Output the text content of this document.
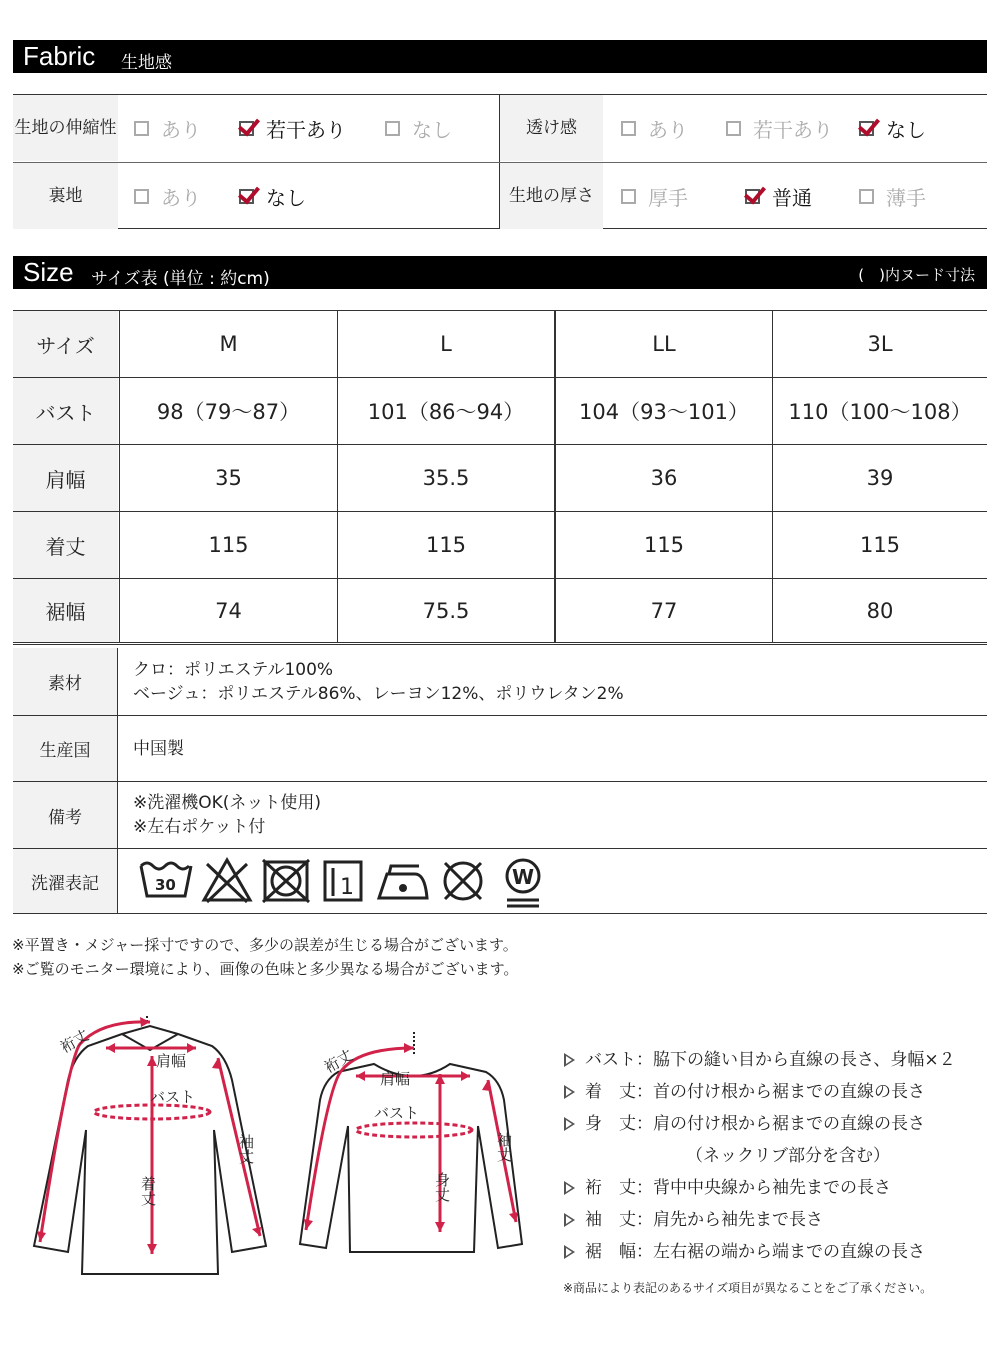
Fabric 生地感
生地の 伸縮性 あり	若干あり	なし	透け感	あり	若干あり	なし
裏地	あり	なし	生地の厚さ	厚手	普通	薄手
Size サイズ表 (単位 : 約cm)	(　)内ヌード寸法
サイズ	M	L	LL	3L
バスト	98（79～87）	101（86～94）	104（93～101）	110（100～108）
肩幅	35	35.5	36	39
着丈	115	115	115	115
裾幅	74	75.5	77	80
素材
クロ：ポリエステル100%
ベージュ：ポリエステル86%、レーヨン12%、ポリウレタン2%
生産国	中国製
備考
※洗濯機OK(ネット使用)
※左右ポケット付
洗濯表記	30	1	W
※平置き・メジャー採寸ですので、多少の誤差が生じる場合がございます。
※ご覧のモニター環境により、画像の色味と多少異なる場合がございます。
裄丈
肩幅
バスト
袖丈
着丈
裄丈
肩幅
バスト
袖丈
身丈
バスト：脇下の縫い目から直線の長さ、身幅×２
着　丈：首の付け根から裾までの直線の長さ
身　丈：肩の付け根から裾までの直線の長さ
（ネックリブ部分を含む）
裄　丈：背中中央線から袖先までの長さ
袖　丈：肩先から袖先まで長さ
裾　幅：左右裾の端から端までの直線の長さ
※商品により表記のあるサイズ項目が異なることをご了承ください。
